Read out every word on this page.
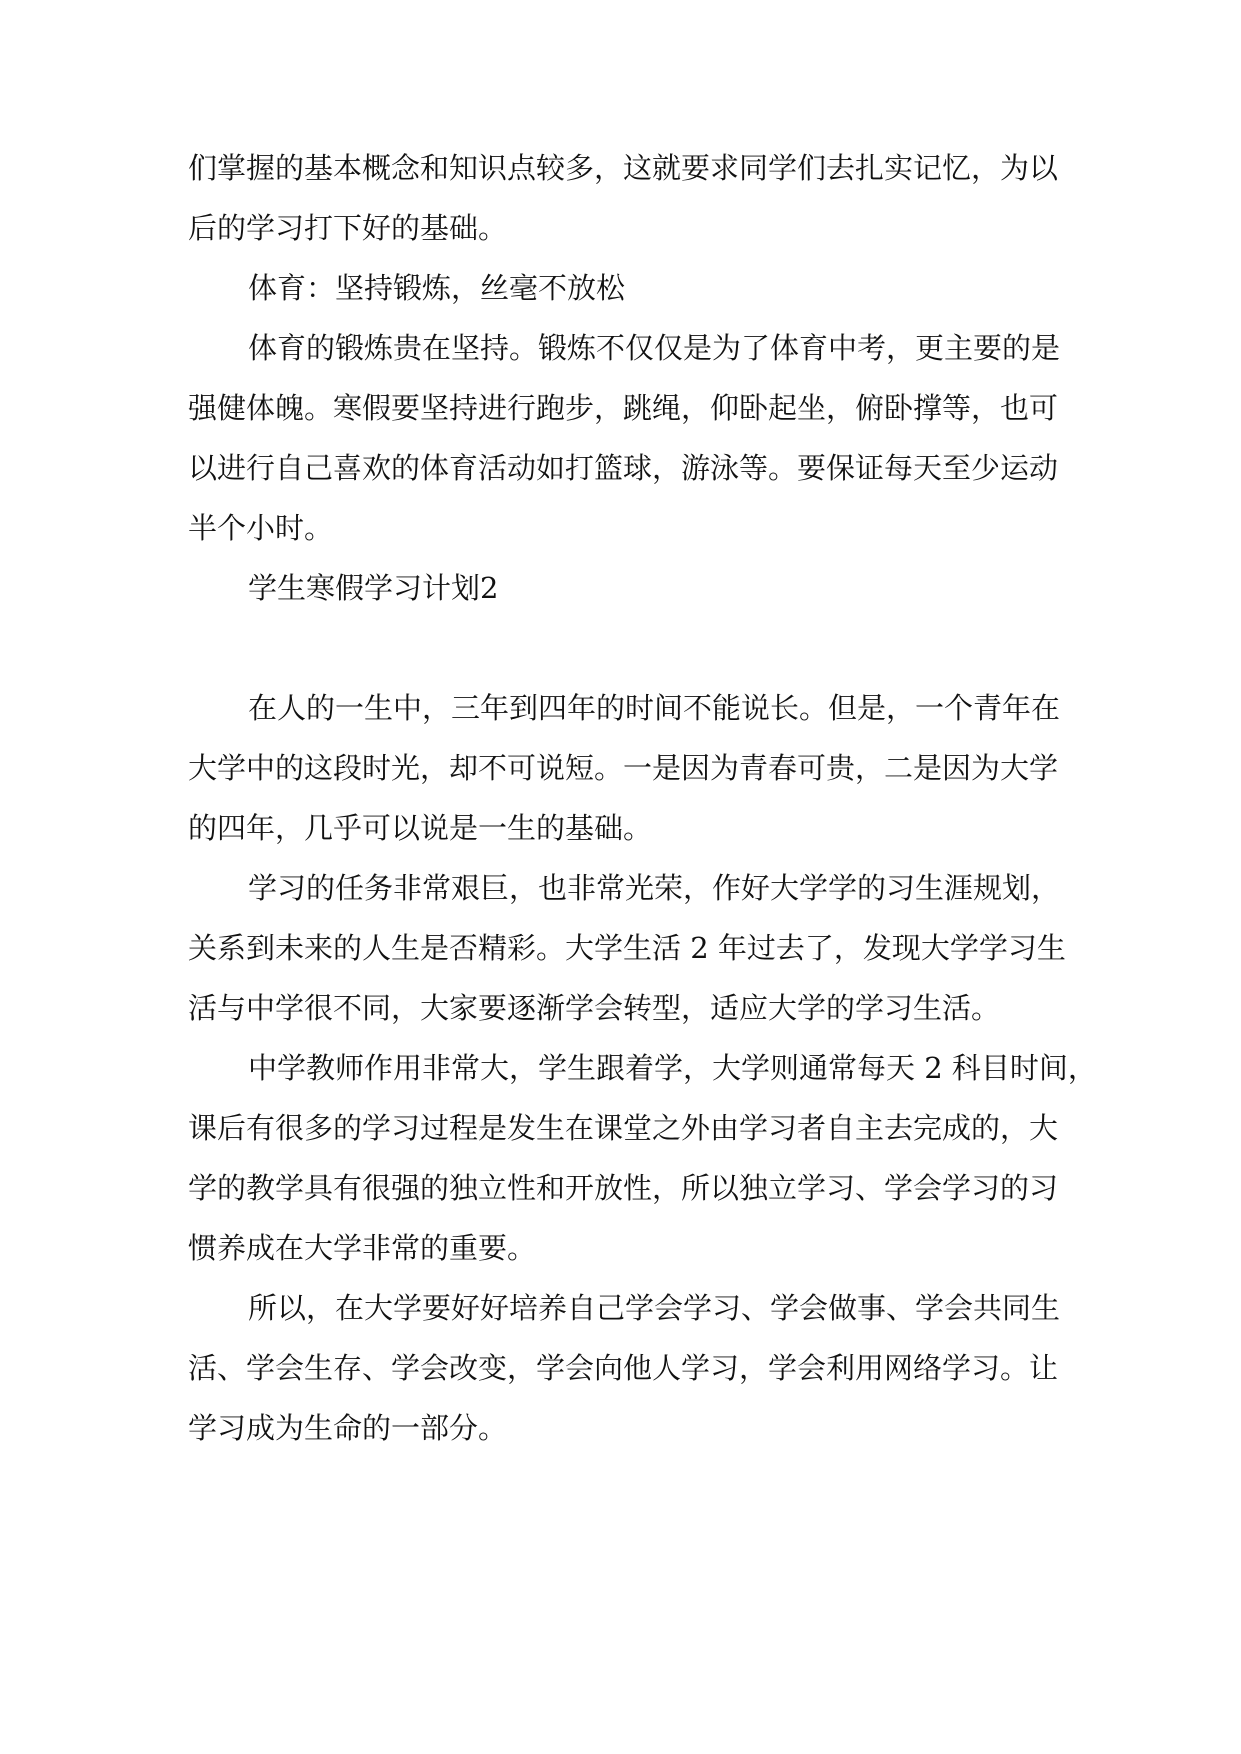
们掌握的基本概念和知识点较多，这就要求同学们去扎实记忆，为以
后的学习打下好的基础。
体育：坚持锻炼，丝毫不放松
体育的锻炼贵在坚持。锻炼不仅仅是为了体育中考，更主要的是
强健体魄。寒假要坚持进行跑步，跳绳，仰卧起坐，俯卧撑等，也可
以进行自己喜欢的体育活动如打篮球，游泳等。要保证每天至少运动
半个小时。
学生寒假学习计划2
在人的一生中，三年到四年的时间不能说长。但是，一个青年在
大学中的这段时光，却不可说短。一是因为青春可贵，二是因为大学
的四年，几乎可以说是一生的基础。
学习的任务非常艰巨，也非常光荣，作好大学学的习生涯规划，
关系到未来的人生是否精彩。大学生活 2 年过去了，发现大学学习生
活与中学很不同，大家要逐渐学会转型，适应大学的学习生活。
中学教师作用非常大，学生跟着学，大学则通常每天 2 科目时间，
课后有很多的学习过程是发生在课堂之外由学习者自主去完成的，大
学的教学具有很强的独立性和开放性，所以独立学习、学会学习的习
惯养成在大学非常的重要。
所以，在大学要好好培养自己学会学习、学会做事、学会共同生
活、学会生存、学会改变，学会向他人学习，学会利用网络学习。让
学习成为生命的一部分。
